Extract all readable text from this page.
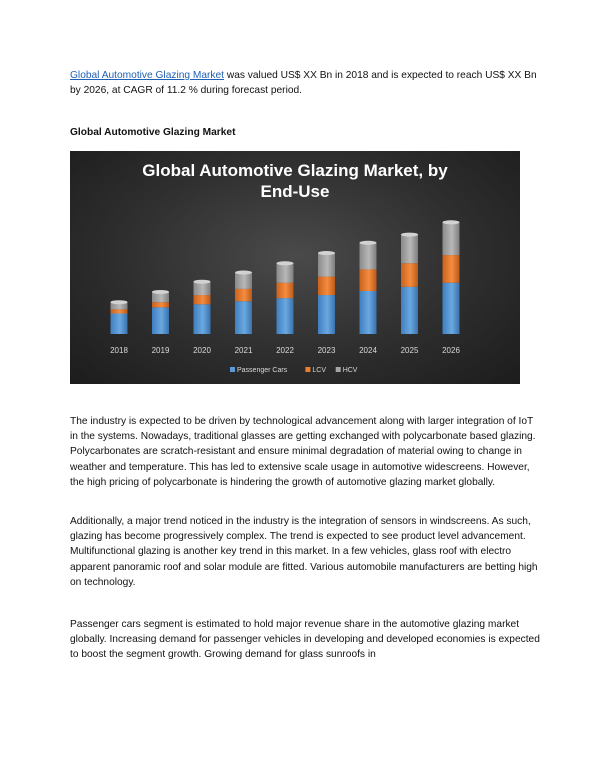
Global Automotive Glazing Market was valued US$ XX Bn in 2018 and is expected to reach US$ XX Bn by 2026, at CAGR of 11.2 % during forecast period.

Global Automotive Glazing Market

Global Automotive Glazing Market, by
End-Use
2018	2019	2020	2021	2022	2023	2024	2025	2026
Passenger Cars	LCV HCV

The industry is expected to be driven by technological advancement along with larger integration of IoT in the systems. Nowadays, traditional glasses are getting exchanged with polycarbonate based glazing. Polycarbonates are scratch-resistant and ensure minimal degradation of material owing to change in weather and temperature. This has led to extensive scale usage in automotive widescreens. However, the high pricing of polycarbonate is hindering the growth of automotive glazing market globally.

Additionally, a major trend noticed in the industry is the integration of sensors in windscreens. As such, glazing has become progressively complex. The trend is expected to see product level advancement. Multifunctional glazing is another key trend in this market. In a few vehicles, glass roof with electro apparent panoramic roof and solar module are fitted. Various automobile manufacturers are betting high on technology.

Passenger cars segment is estimated to hold major revenue share in the automotive glazing market globally. Increasing demand for passenger vehicles in developing and developed economies is expected to boost the segment growth. Growing demand for glass sunroofs in
